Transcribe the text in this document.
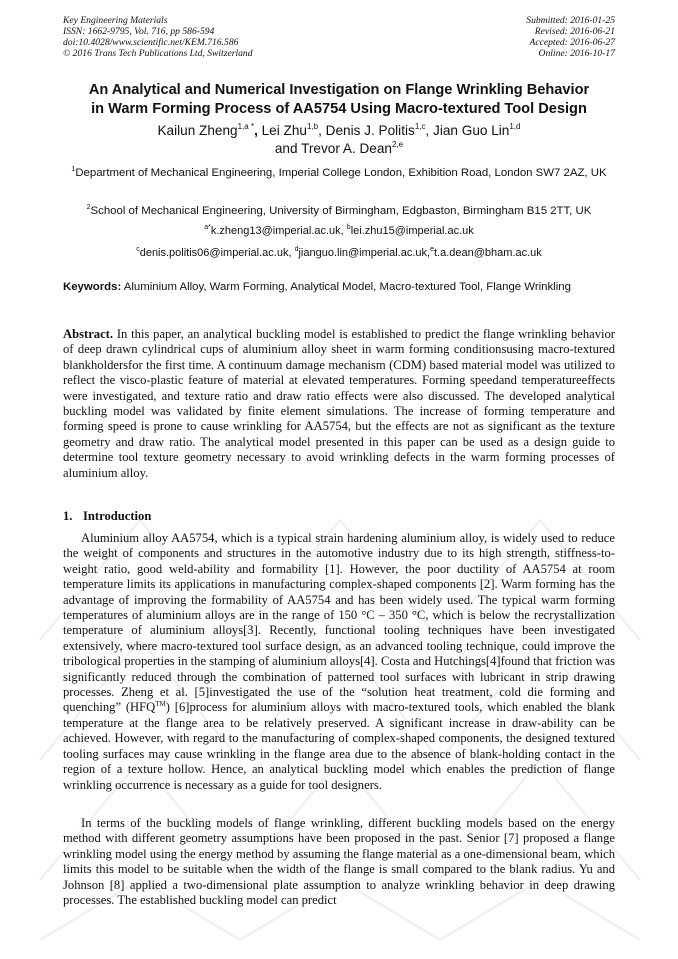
Key Engineering Materials
ISSN: 1662-9795, Vol. 716, pp 586-594
doi:10.4028/www.scientific.net/KEM.716.586
© 2016 Trans Tech Publications Ltd, Switzerland
Submitted: 2016-01-25
Revised: 2016-06-21
Accepted: 2016-06-27
Online: 2016-10-17
An Analytical and Numerical Investigation on Flange Wrinkling Behavior
in Warm Forming Process of AA5754 Using Macro-textured Tool Design

Kailun Zheng$^{1,a *}$, Lei Zhu$^{1,b}$, Denis J. Politis$^{1,c}$, Jian Guo Lin$^{1,d}$
and Trevor A. Dean$^{2,e}$

$^1$Department of Mechanical Engineering, Imperial College London, Exhibition Road, London SW7 2AZ, UK

$^2$School of Mechanical Engineering, University of Birmingham, Edgbaston, Birmingham B15 2TT, UK

$^{a*}$k.zheng13@imperial.ac.uk, $^b$lei.zhu15@imperial.ac.uk

$^c$denis.politis06@imperial.ac.uk, $^d$jianguo.lin@imperial.ac.uk,$^e$t.a.dean@bham.ac.uk

Keywords: Aluminium Alloy, Warm Forming, Analytical Model, Macro-textured Tool, Flange Wrinkling

Abstract. In this paper, an analytical buckling model is established to predict the flange wrinkling behavior of deep drawn cylindrical cups of aluminium alloy sheet in warm forming conditionsusing macro-textured blankholdersfor the first time. A continuum damage mechanism (CDM) based material model was utilized to reflect the visco-plastic feature of material at elevated temperatures. Forming speedand temperatureeffects were investigated, and texture ratio and draw ratio effects were also discussed. The developed analytical buckling model was validated by finite element simulations. The increase of forming temperature and forming speed is prone to cause wrinkling for AA5754, but the effects are not as significant as the texture geometry and draw ratio. The analytical model presented in this paper can be used as a design guide to determine tool texture geometry necessary to avoid wrinkling defects in the warm forming processes of aluminium alloy.

1. Introduction

Aluminium alloy AA5754, which is a typical strain hardening aluminium alloy, is widely used to reduce the weight of components and structures in the automotive industry due to its high strength, stiffness-to-weight ratio, good weld-ability and formability [1]. However, the poor ductility of AA5754 at room temperature limits its applications in manufacturing complex-shaped components [2]. Warm forming has the advantage of improving the formability of AA5754 and has been widely used. The typical warm forming temperatures of aluminium alloys are in the range of 150 °C – 350 °C, which is below the recrystallization temperature of aluminium alloys[3]. Recently, functional tooling techniques have been investigated extensively, where macro-textured tool surface design, as an advanced tooling technique, could improve the tribological properties in the stamping of aluminium alloys[4]. Costa and Hutchings[4]found that friction was significantly reduced through the combination of patterned tool surfaces with lubricant in strip drawing processes. Zheng et al. [5]investigated the use of the “solution heat treatment, cold die forming and quenching” (HFQ™) [6]process for aluminium alloys with macro-textured tools, which enabled the blank temperature at the flange area to be relatively preserved. A significant increase in draw-ability can be achieved. However, with regard to the manufacturing of complex-shaped components, the designed textured tooling surfaces may cause wrinkling in the flange area due to the absence of blank-holding contact in the region of a texture hollow. Hence, an analytical buckling model which enables the prediction of flange wrinkling occurrence is necessary as a guide for tool designers.

In terms of the buckling models of flange wrinkling, different buckling models based on the energy method with different geometry assumptions have been proposed in the past. Senior [7] proposed a flange wrinkling model using the energy method by assuming the flange material as a one-dimensional beam, which limits this model to be suitable when the width of the flange is small compared to the blank radius. Yu and Johnson [8] applied a two-dimensional plate assumption to analyze wrinkling behavior in deep drawing processes. The established buckling model can predict
